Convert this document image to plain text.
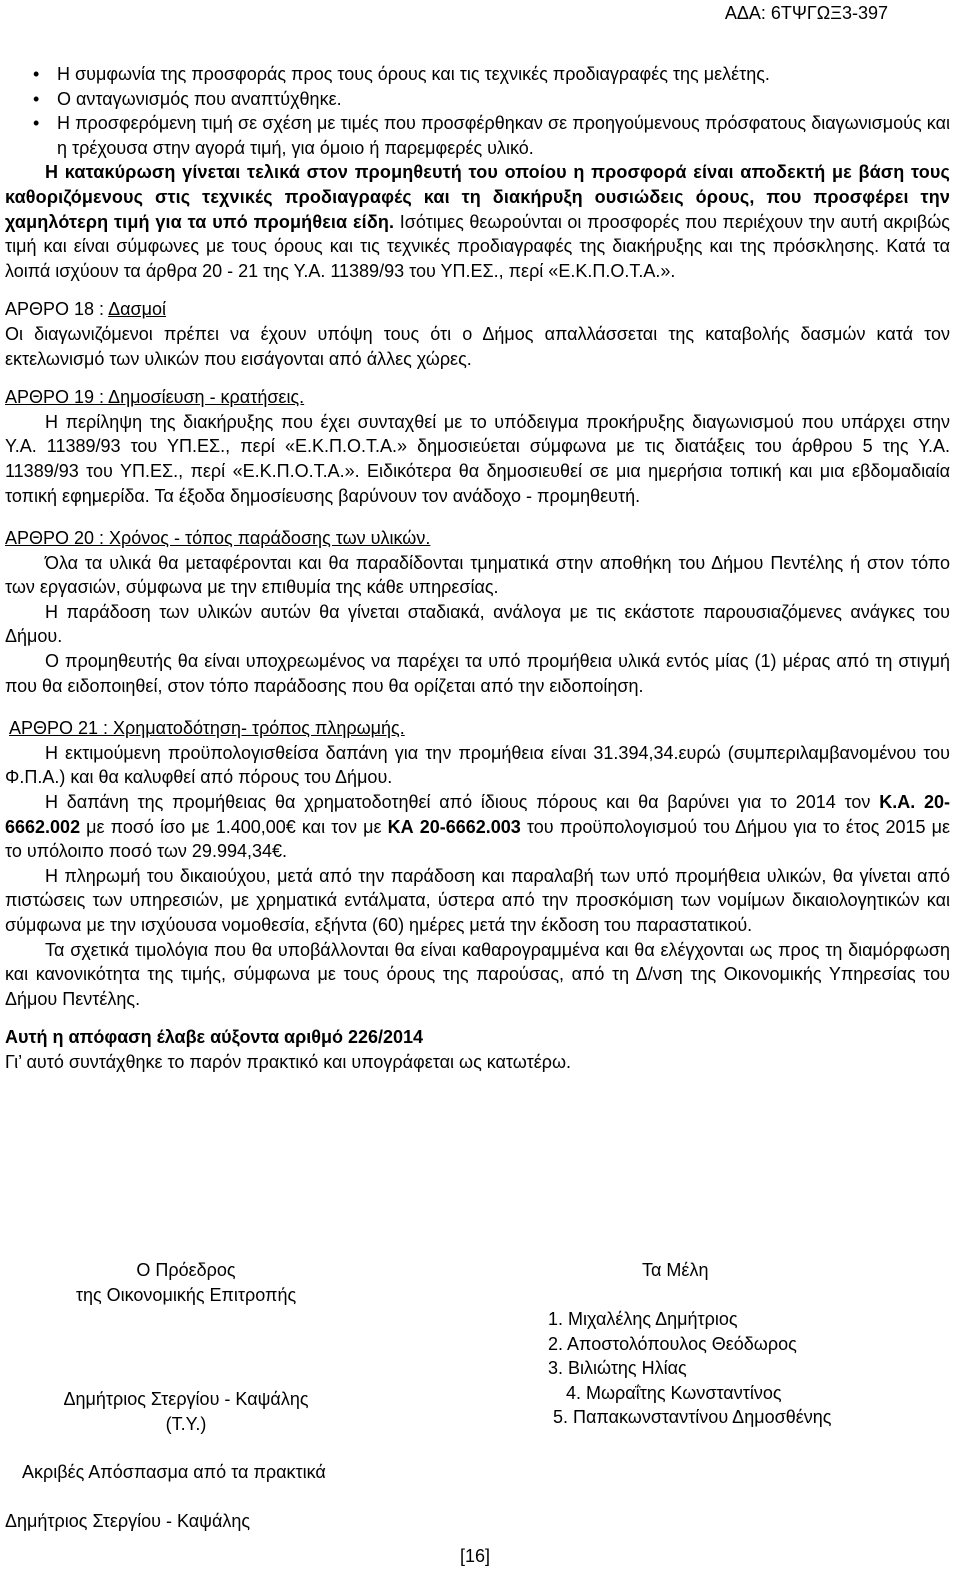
ΑΔΑ: 6ΤΨΓΩΞ3-397
• Η συμφωνία της προσφοράς προς τους όρους και τις τεχνικές προδιαγραφές της μελέτης.
• Ο ανταγωνισμός που αναπτύχθηκε.
• Η προσφερόμενη τιμή σε σχέση με τιμές που προσφέρθηκαν σε προηγούμενους πρόσφατους διαγωνισμούς και η τρέχουσα στην αγορά τιμή, για όμοιο ή παρεμφερές υλικό.

Η κατακύρωση γίνεται τελικά στον προμηθευτή του οποίου η προσφορά είναι αποδεκτή με βάση τους καθοριζόμενους στις τεχνικές προδιαγραφές και τη διακήρυξη ουσιώδεις όρους, που προσφέρει την χαμηλότερη τιμή για τα υπό προμήθεια είδη. Ισότιμες θεωρούνται οι προσφορές που περιέχουν την αυτή ακριβώς τιμή και είναι σύμφωνες με τους όρους και τις τεχνικές προδιαγραφές της διακήρυξης και της πρόσκλησης. Κατά τα λοιπά ισχύουν τα άρθρα 20 - 21 της Υ.Α. 11389/93 του ΥΠ.ΕΣ., περί «Ε.Κ.Π.Ο.Τ.Α.».

ΑΡΘΡΟ 18 : Δασμοί

Οι διαγωνιζόμενοι πρέπει να έχουν υπόψη τους ότι ο Δήμος απαλλάσσεται της καταβολής δασμών κατά τον εκτελωνισμό των υλικών που εισάγονται από άλλες χώρες.

ΑΡΘΡΟ 19 : Δημοσίευση - κρατήσεις.

Η περίληψη της διακήρυξης που έχει συνταχθεί με το υπόδειγμα προκήρυξης διαγωνισμού που υπάρχει στην Υ.Α. 11389/93 του ΥΠ.ΕΣ., περί «Ε.Κ.Π.Ο.Τ.Α.» δημοσιεύεται σύμφωνα με τις διατάξεις του άρθρου 5 της Υ.Α. 11389/93 του ΥΠ.ΕΣ., περί «Ε.Κ.Π.Ο.Τ.Α.». Ειδικότερα θα δημοσιευθεί σε μια ημερήσια τοπική και μια εβδομαδιαία τοπική εφημερίδα. Τα έξοδα δημοσίευσης βαρύνουν τον ανάδοχο - προμηθευτή.

ΑΡΘΡΟ 20 : Χρόνος - τόπος παράδοσης των υλικών.

Όλα τα υλικά θα μεταφέρονται και θα παραδίδονται τμηματικά στην αποθήκη του Δήμου Πεντέλης ή στον τόπο των εργασιών, σύμφωνα με την επιθυμία της κάθε υπηρεσίας.

Η παράδοση των υλικών αυτών θα γίνεται σταδιακά, ανάλογα με τις εκάστοτε παρουσιαζόμενες ανάγκες του Δήμου.

Ο προμηθευτής θα είναι υποχρεωμένος να παρέχει τα υπό προμήθεια υλικά εντός μίας (1) μέρας από τη στιγμή που θα ειδοποιηθεί, στον τόπο παράδοσης που θα ορίζεται από την ειδοποίηση.

ΑΡΘΡΟ 21 : Χρηματοδότηση- τρόπος πληρωμής.

Η εκτιμούμενη προϋπολογισθείσα δαπάνη για την προμήθεια είναι 31.394,34.ευρώ (συμπεριλαμβανομένου του Φ.Π.Α.) και θα καλυφθεί από πόρους του Δήμου.

Η δαπάνη της προμήθειας θα χρηματοδοτηθεί από ίδιους πόρους και θα βαρύνει για το 2014 τον Κ.Α. 20-6662.002 με ποσό ίσο με 1.400,00€ και τον με ΚΑ 20-6662.003 του προϋπολογισμού του Δήμου για το έτος 2015 με το υπόλοιπο ποσό των 29.994,34€.

Η πληρωμή του δικαιούχου, μετά από την παράδοση και παραλαβή των υπό προμήθεια υλικών, θα γίνεται από πιστώσεις των υπηρεσιών, με χρηματικά εντάλματα, ύστερα από την προσκόμιση των νομίμων δικαιολογητικών και σύμφωνα με την ισχύουσα νομοθεσία, εξήντα (60) ημέρες μετά την έκδοση του παραστατικού.

Τα σχετικά τιμολόγια που θα υποβάλλονται θα είναι καθαρογραμμένα και θα ελέγχονται ως προς τη διαμόρφωση και κανονικότητα της τιμής, σύμφωνα με τους όρους της παρούσας, από τη Δ/νση της Οικονομικής Υπηρεσίας του Δήμου Πεντέλης.

Αυτή η απόφαση έλαβε αύξοντα αριθμό 226/2014

Γι’ αυτό συντάχθηκε το παρόν πρακτικό και υπογράφεται ως κατωτέρω.

Ο Πρόεδρος
της Οικονομικής Επιτροπής
Δημήτριος Στεργίου - Καψάλης
(Τ.Υ.)
Τα Μέλη
1. Μιχαλέλης Δημήτριος
2. Αποστολόπουλος Θεόδωρος
3. Βιλιώτης Ηλίας
4. Μωραΐτης Κωνσταντίνος
5. Παπακωνσταντίνου Δημοσθένης
Ακριβές Απόσπασμα από τα πρακτικά
Δημήτριος Στεργίου - Καψάλης
[16]
